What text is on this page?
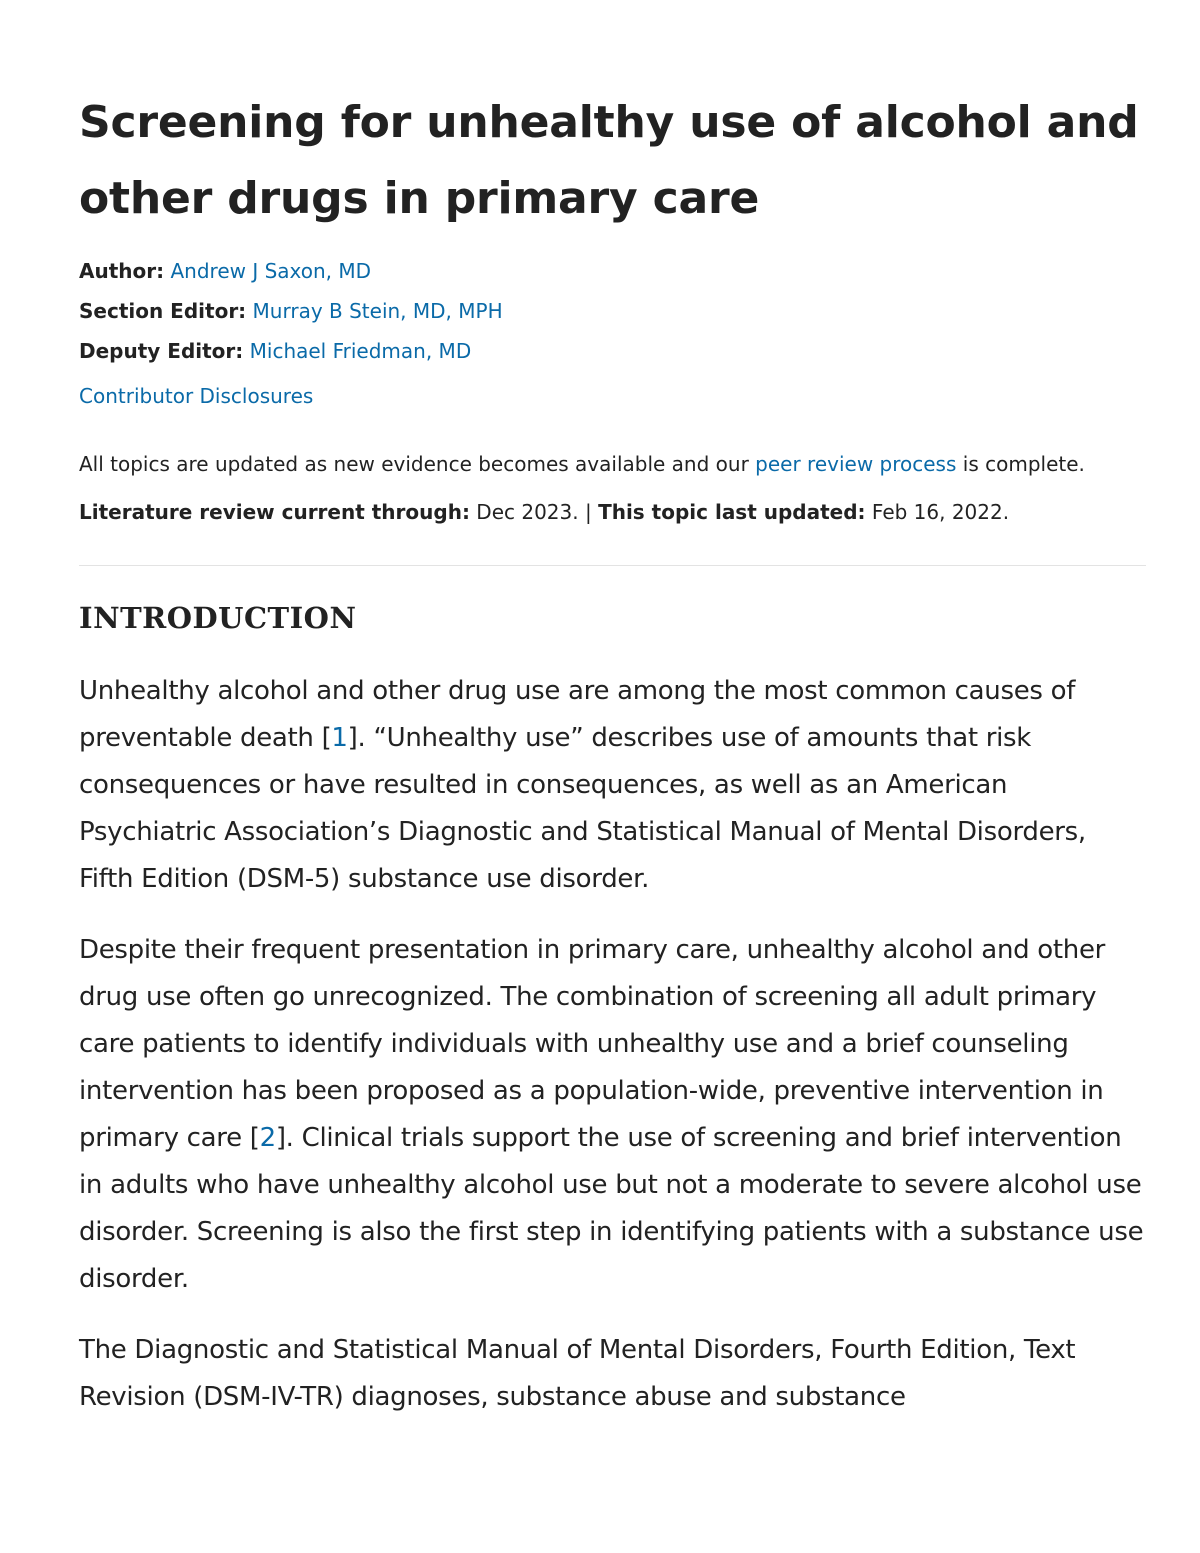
Screening for unhealthy use of alcohol and other drugs in primary care
Author: Andrew J Saxon, MD
Section Editor: Murray B Stein, MD, MPH
Deputy Editor: Michael Friedman, MD
Contributor Disclosures
All topics are updated as new evidence becomes available and our peer review process is complete.
Literature review current through: Dec 2023. | This topic last updated: Feb 16, 2022.
INTRODUCTION

Unhealthy alcohol and other drug use are among the most common causes of preventable death [1]. “Unhealthy use” describes use of amounts that risk consequences or have resulted in consequences, as well as an American Psychiatric Association’s Diagnostic and Statistical Manual of Mental Disorders, Fifth Edition (DSM-5) substance use disorder.

Despite their frequent presentation in primary care, unhealthy alcohol and other drug use often go unrecognized. The combination of screening all adult primary care patients to identify individuals with unhealthy use and a brief counseling intervention has been proposed as a population-wide, preventive intervention in primary care [2]. Clinical trials support the use of screening and brief intervention in adults who have unhealthy alcohol use but not a moderate to severe alcohol use disorder. Screening is also the first step in identifying patients with a substance use disorder.

The Diagnostic and Statistical Manual of Mental Disorders, Fourth Edition, Text Revision (DSM-IV-TR) diagnoses, substance abuse and substance
